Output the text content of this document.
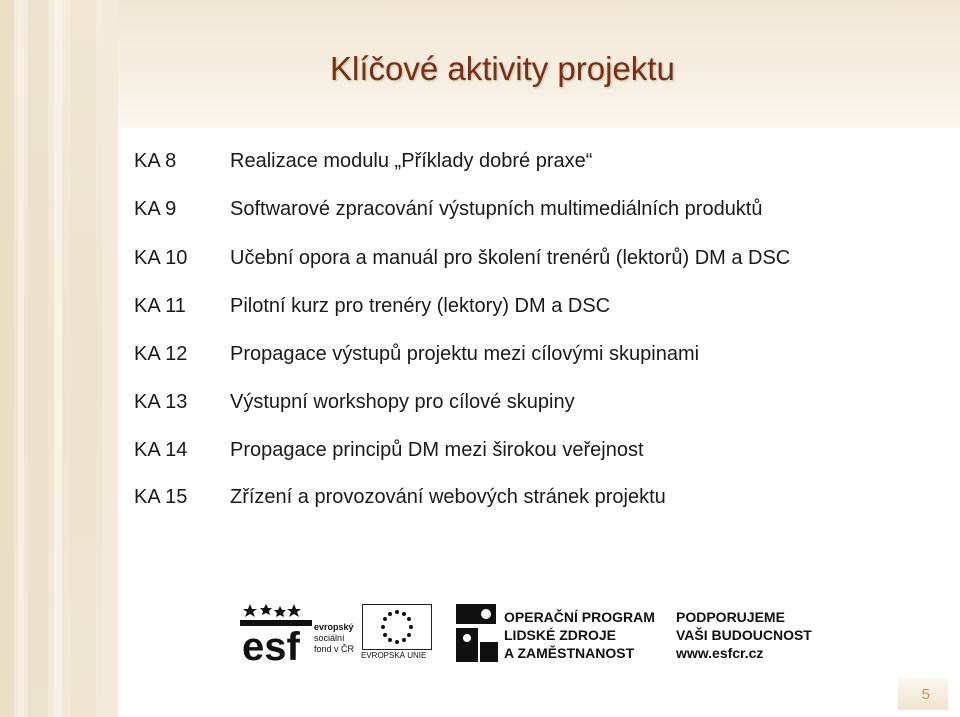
Klíčové aktivity projektu
KA 8	Realizace modulu „Příklady dobré praxe“
KA 9	Softwarové zpracování výstupních multimediálních produktů
KA 10	Učební opora a manuál pro školení trenérů (lektorů) DM a DSC
KA 11	Pilotní kurz pro trenéry (lektory) DM a DSC
KA 12	Propagace výstupů projektu mezi cílovými skupinami
KA 13	Výstupní workshopy pro cílové skupiny
KA 14	Propagace principů DM mezi širokou veřejnost
KA 15	Zřízení a provozování webových stránek projektu
esf evropský
sociální
fond v ČR
EVROPSKÁ UNIE
OPERAČNÍ PROGRAM
LIDSKÉ ZDROJE
A ZAMĚSTNANOST
PODPORUJEME
VAŠI BUDOUCNOST
www.esfcr.cz
5
